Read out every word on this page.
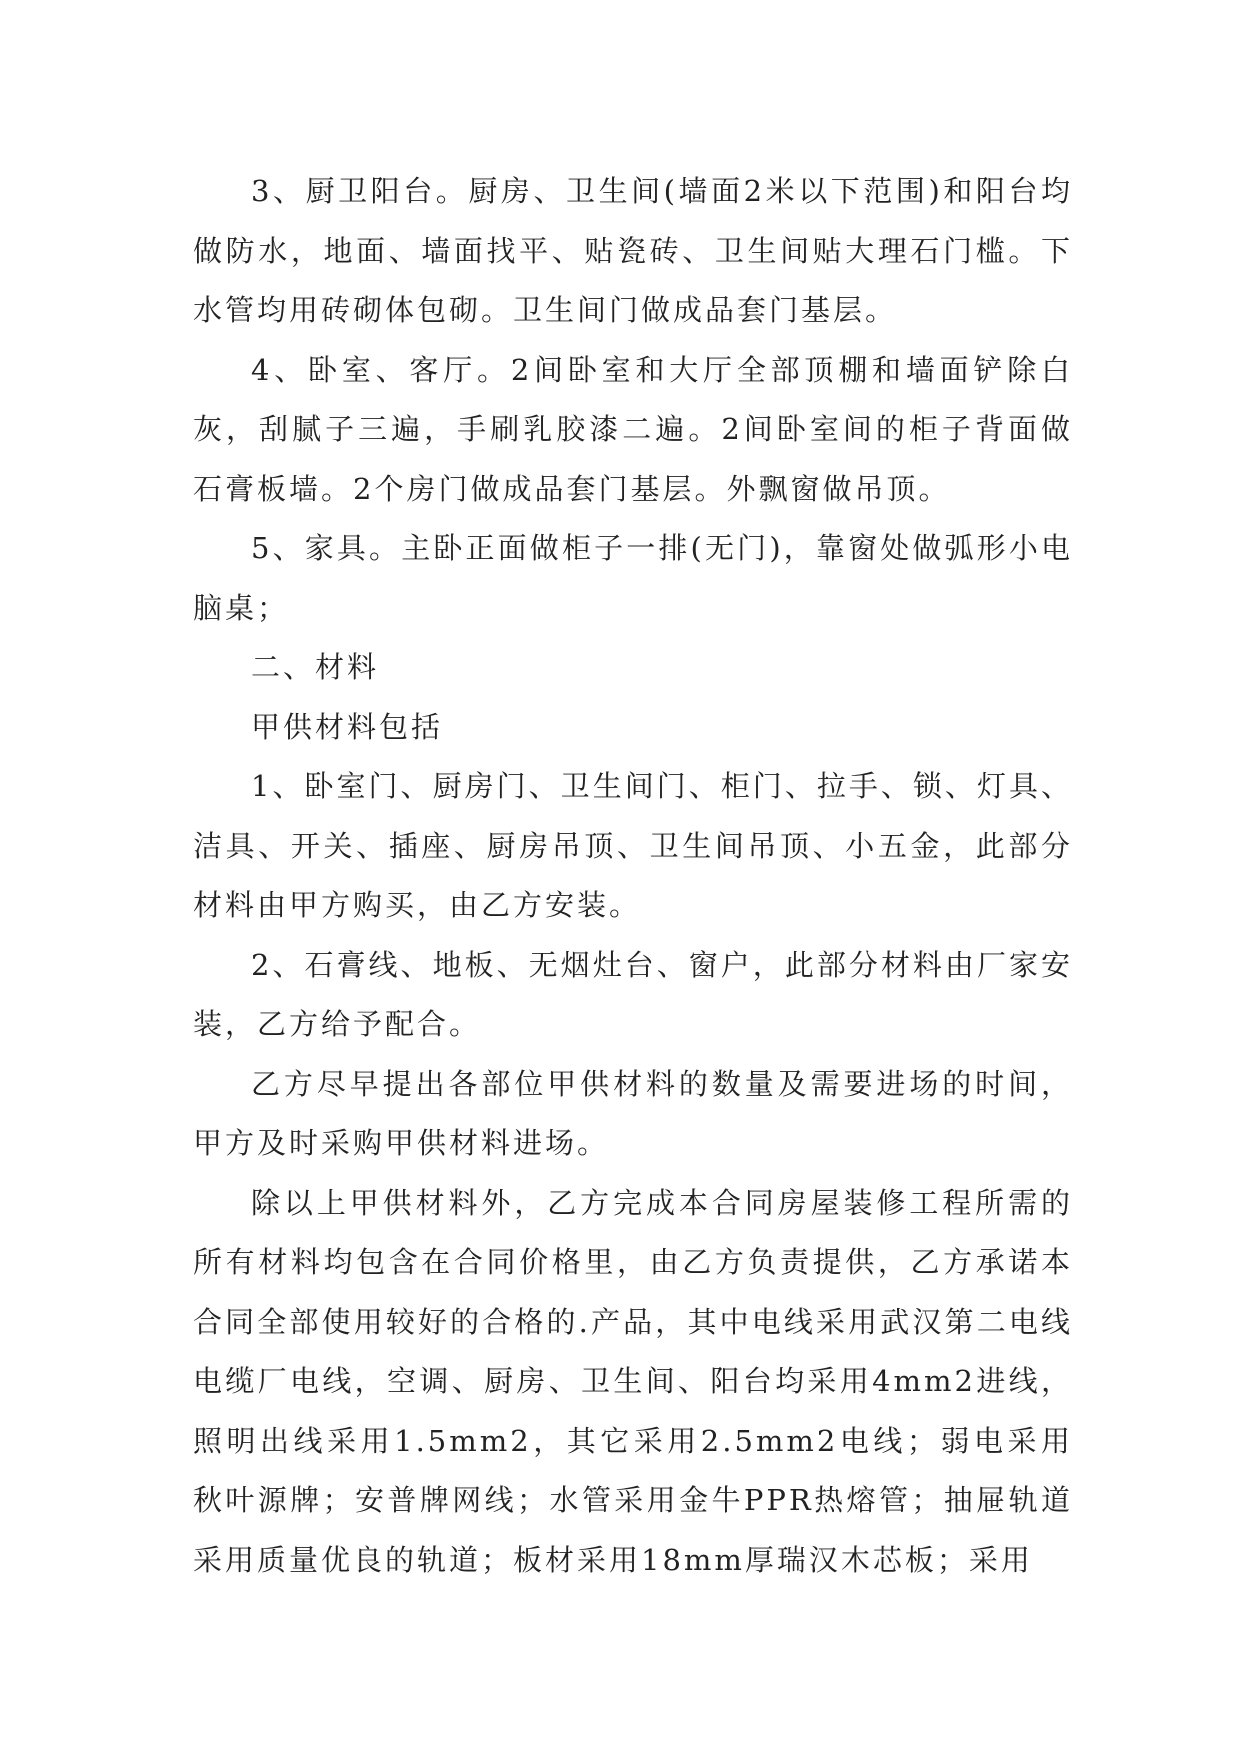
3、厨卫阳台。厨房、卫生间(墙面2米以下范围)和阳台均做防水，地面、墙面找平、贴瓷砖、卫生间贴大理石门槛。下水管均用砖砌体包砌。卫生间门做成品套门基层。

4、卧室、客厅。2间卧室和大厅全部顶棚和墙面铲除白灰，刮腻子三遍，手刷乳胶漆二遍。2间卧室间的柜子背面做石膏板墙。2个房门做成品套门基层。外飘窗做吊顶。

5、家具。主卧正面做柜子一排(无门)，靠窗处做弧形小电脑桌；

二、材料

甲供材料包括

1、卧室门、厨房门、卫生间门、柜门、拉手、锁、灯具、洁具、开关、插座、厨房吊顶、卫生间吊顶、小五金，此部分材料由甲方购买，由乙方安装。

2、石膏线、地板、无烟灶台、窗户，此部分材料由厂家安装，乙方给予配合。

乙方尽早提出各部位甲供材料的数量及需要进场的时间，甲方及时采购甲供材料进场。

除以上甲供材料外，乙方完成本合同房屋装修工程所需的所有材料均包含在合同价格里，由乙方负责提供，乙方承诺本合同全部使用较好的合格的.产品，其中电线采用武汉第二电线电缆厂电线，空调、厨房、卫生间、阳台均采用4mm2进线，照明出线采用1.5mm2，其它采用2.5mm2电线；弱电采用秋叶源牌；安普牌网线；水管采用金牛PPR热熔管；抽屉轨道采用质量优良的轨道；板材采用18mm厚瑞汉木芯板；采用
